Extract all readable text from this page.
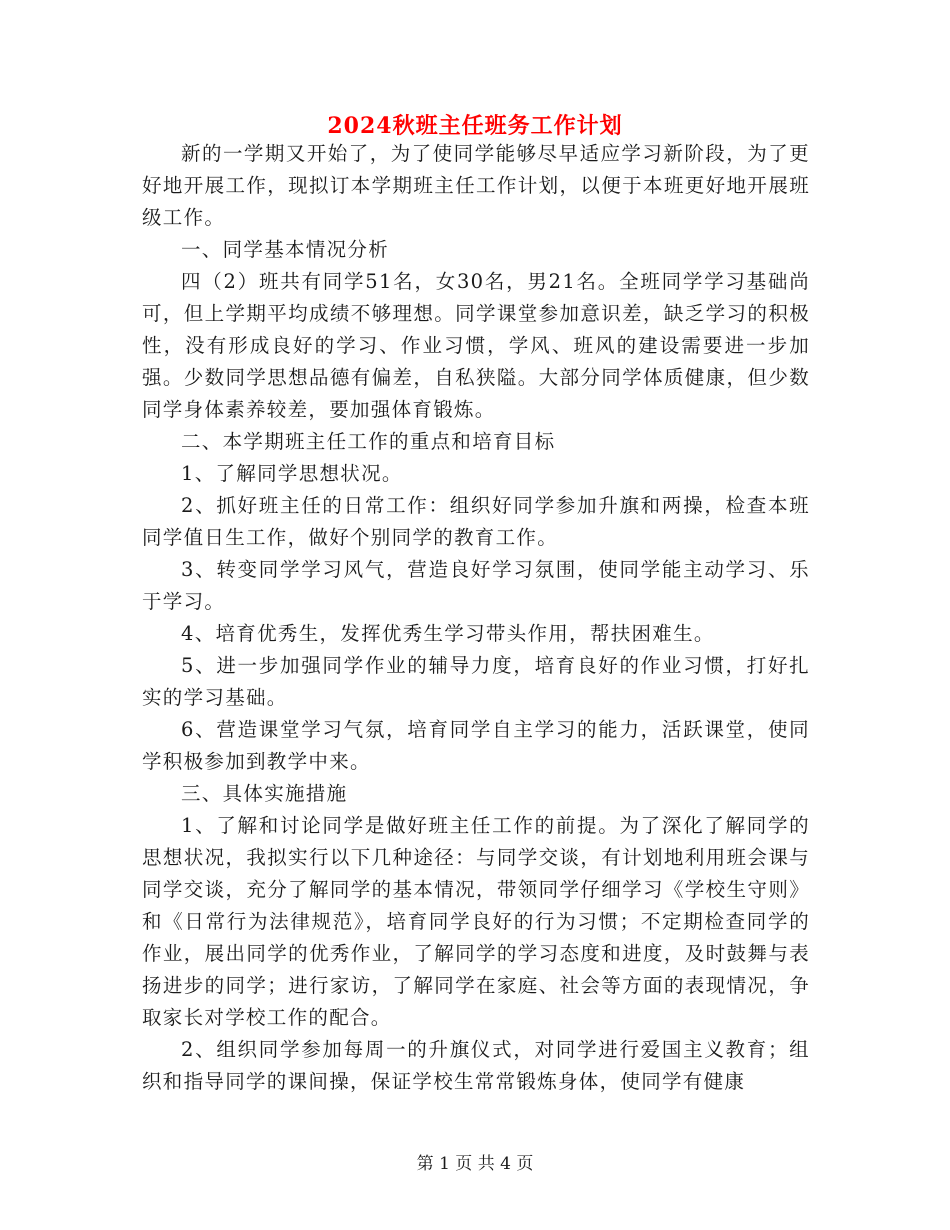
2024秋班主任班务工作计划

新的一学期又开始了，为了使同学能够尽早适应学习新阶段，为了更好地开展工作，现拟订本学期班主任工作计划，以便于本班更好地开展班级工作。

一、同学基本情况分析

四（2）班共有同学51名，女30名，男21名。全班同学学习基础尚可，但上学期平均成绩不够理想。同学课堂参加意识差，缺乏学习的积极性，没有形成良好的学习、作业习惯，学风、班风的建设需要进一步加强。少数同学思想品德有偏差，自私狭隘。大部分同学体质健康，但少数同学身体素养较差，要加强体育锻炼。

二、本学期班主任工作的重点和培育目标

1、了解同学思想状况。

2、抓好班主任的日常工作：组织好同学参加升旗和两操，检查本班同学值日生工作，做好个别同学的教育工作。

3、转变同学学习风气，营造良好学习氛围，使同学能主动学习、乐于学习。

4、培育优秀生，发挥优秀生学习带头作用，帮扶困难生。

5、进一步加强同学作业的辅导力度，培育良好的作业习惯，打好扎实的学习基础。

6、营造课堂学习气氛，培育同学自主学习的能力，活跃课堂，使同学积极参加到教学中来。

三、具体实施措施

1、了解和讨论同学是做好班主任工作的前提。为了深化了解同学的思想状况，我拟实行以下几种途径：与同学交谈，有计划地利用班会课与同学交谈，充分了解同学的基本情况，带领同学仔细学习《学校生守则》和《日常行为法律规范》，培育同学良好的行为习惯；不定期检查同学的作业，展出同学的优秀作业，了解同学的学习态度和进度，及时鼓舞与表扬进步的同学；进行家访，了解同学在家庭、社会等方面的表现情况，争取家长对学校工作的配合。

2、组织同学参加每周一的升旗仪式，对同学进行爱国主义教育；组织和指导同学的课间操，保证学校生常常锻炼身体，使同学有健康

第 1 页 共 4 页
